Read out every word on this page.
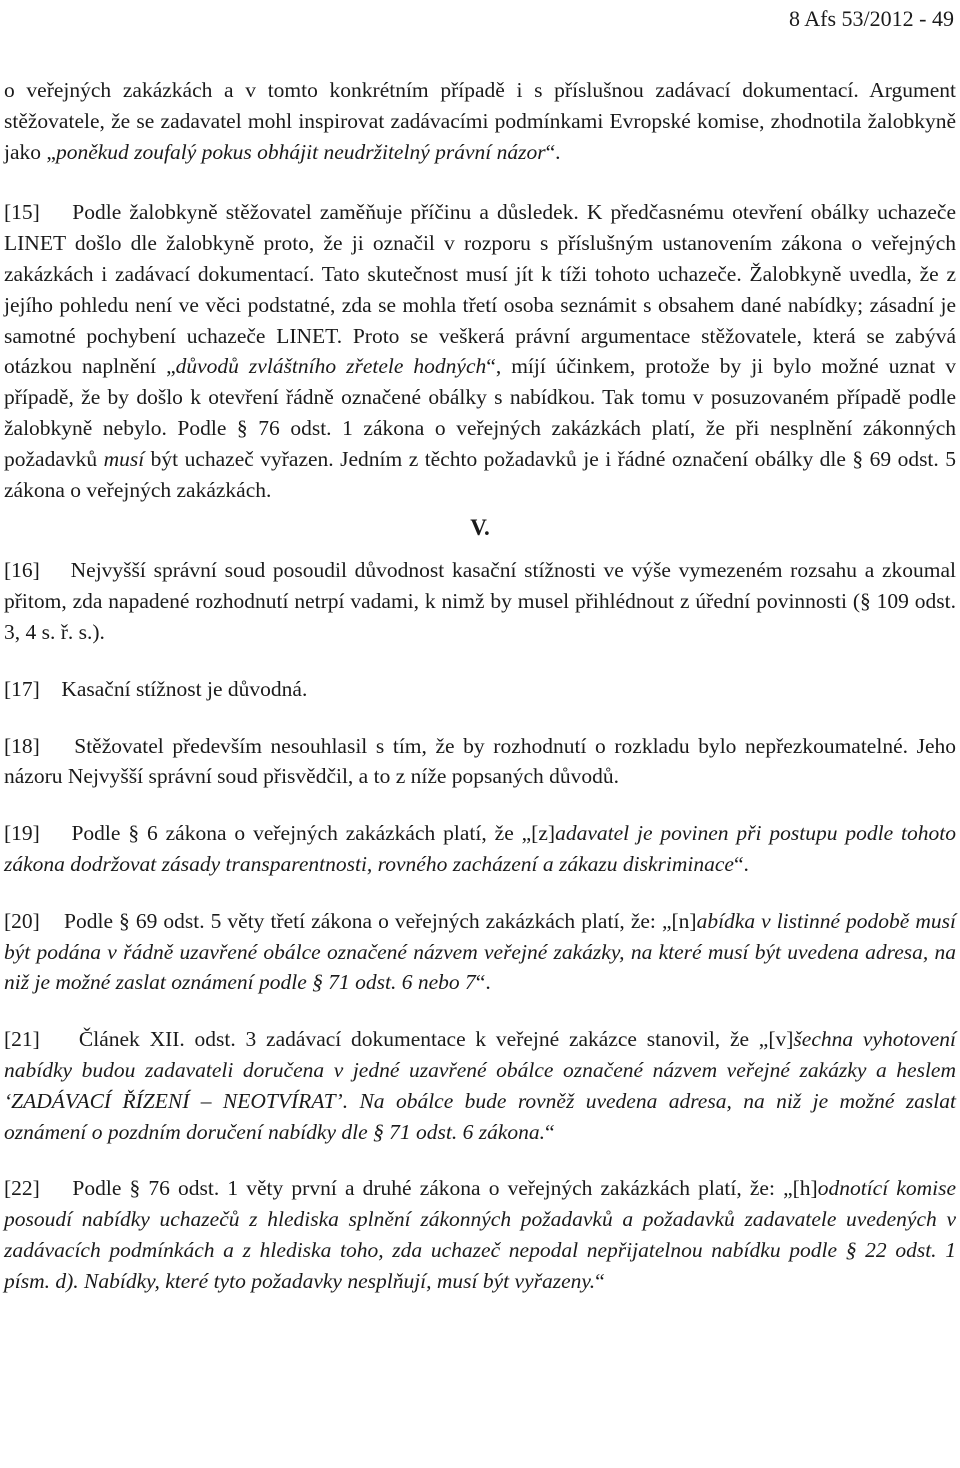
8 Afs 53/2012 - 49

o veřejných zakázkách a v tomto konkrétním případě i s příslušnou zadávací dokumentací. Argument stěžovatele, že se zadavatel mohl inspirovat zadávacími podmínkami Evropské komise, zhodnotila žalobkyně jako „poněkud zoufalý pokus obhájit neudržitelný právní názor“.

[15] Podle žalobkyně stěžovatel zaměňuje příčinu a důsledek. K předčasnému otevření obálky uchazeče LINET došlo dle žalobkyně proto, že ji označil v rozporu s příslušným ustanovením zákona o veřejných zakázkách i zadávací dokumentací. Tato skutečnost musí jít k tíži tohoto uchazeče. Žalobkyně uvedla, že z jejího pohledu není ve věci podstatné, zda se mohla třetí osoba seznámit s obsahem dané nabídky; zásadní je samotné pochybení uchazeče LINET. Proto se veškerá právní argumentace stěžovatele, která se zabývá otázkou naplnění „důvodů zvláštního zřetele hodných“, míjí účinkem, protože by ji bylo možné uznat v případě, že by došlo k otevření řádně označené obálky s nabídkou. Tak tomu v posuzovaném případě podle žalobkyně nebylo. Podle § 76 odst. 1 zákona o veřejných zakázkách platí, že při nesplnění zákonných požadavků musí být uchazeč vyřazen. Jedním z těchto požadavků je i řádné označení obálky dle § 69 odst. 5 zákona o veřejných zakázkách.

V.

[16] Nejvyšší správní soud posoudil důvodnost kasační stížnosti ve výše vymezeném rozsahu a zkoumal přitom, zda napadené rozhodnutí netrpí vadami, k nimž by musel přihlédnout z úřední povinnosti (§ 109 odst. 3, 4 s. ř. s.).

[17] Kasační stížnost je důvodná.

[18] Stěžovatel především nesouhlasil s tím, že by rozhodnutí o rozkladu bylo nepřezkoumatelné. Jeho názoru Nejvyšší správní soud přisvědčil, a to z níže popsaných důvodů.

[19] Podle § 6 zákona o veřejných zakázkách platí, že „[z]adavatel je povinen při postupu podle tohoto zákona dodržovat zásady transparentnosti, rovného zacházení a zákazu diskriminace“.

[20] Podle § 69 odst. 5 věty třetí zákona o veřejných zakázkách platí, že: „[n]abídka v listinné podobě musí být podána v řádně uzavřené obálce označené názvem veřejné zakázky, na které musí být uvedena adresa, na niž je možné zaslat oznámení podle § 71 odst. 6 nebo 7“.

[21] Článek XII. odst. 3 zadávací dokumentace k veřejné zakázce stanovil, že „[v]šechna vyhotovení nabídky budou zadavateli doručena v jedné uzavřené obálce označené názvem veřejné zakázky a heslem ‘ZADÁVACÍ ŘÍZENÍ – NEOTVÍRAT’. Na obálce bude rovněž uvedena adresa, na niž je možné zaslat oznámení o pozdním doručení nabídky dle § 71 odst. 6 zákona.“

[22] Podle § 76 odst. 1 věty první a druhé zákona o veřejných zakázkách platí, že: „[h]odnotící komise posoudí nabídky uchazečů z hlediska splnění zákonných požadavků a požadavků zadavatele uvedených v zadávacích podmínkách a z hlediska toho, zda uchazeč nepodal nepřijatelnou nabídku podle § 22 odst. 1 písm. d). Nabídky, které tyto požadavky nesplňují, musí být vyřazeny.“
